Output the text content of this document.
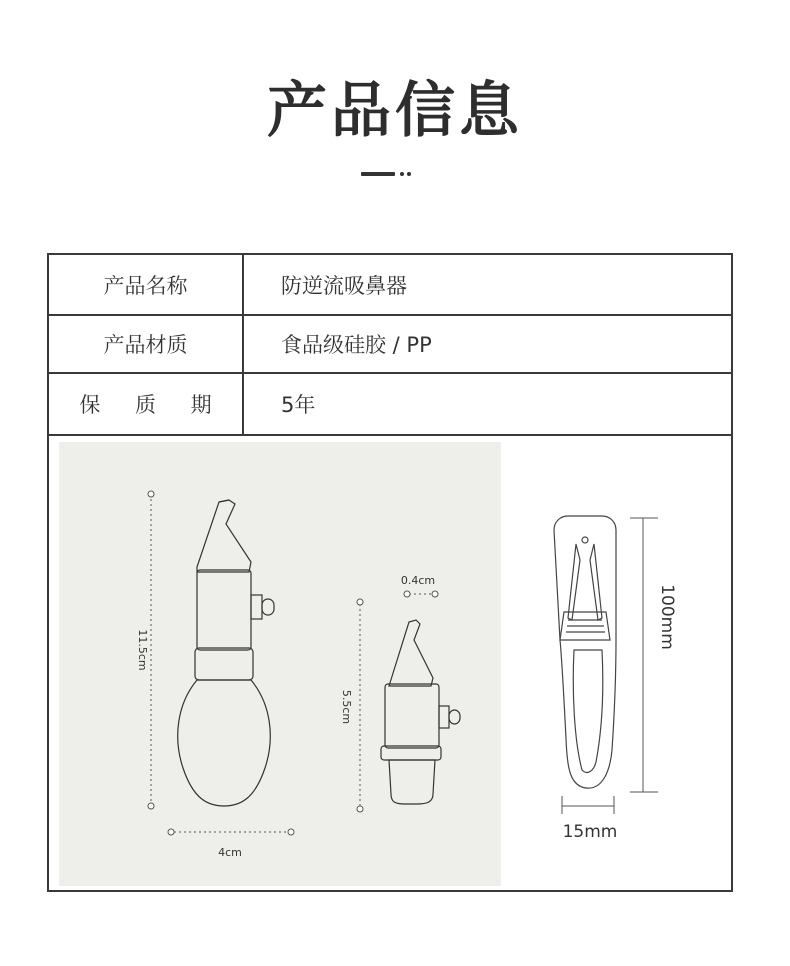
产品信息
产品名称	防逆流吸鼻器
产品材质	食品级硅胶 / PP
保 质 期	5年
11.5cm
4cm
5.5cm
0.4cm
100mm
15mm
